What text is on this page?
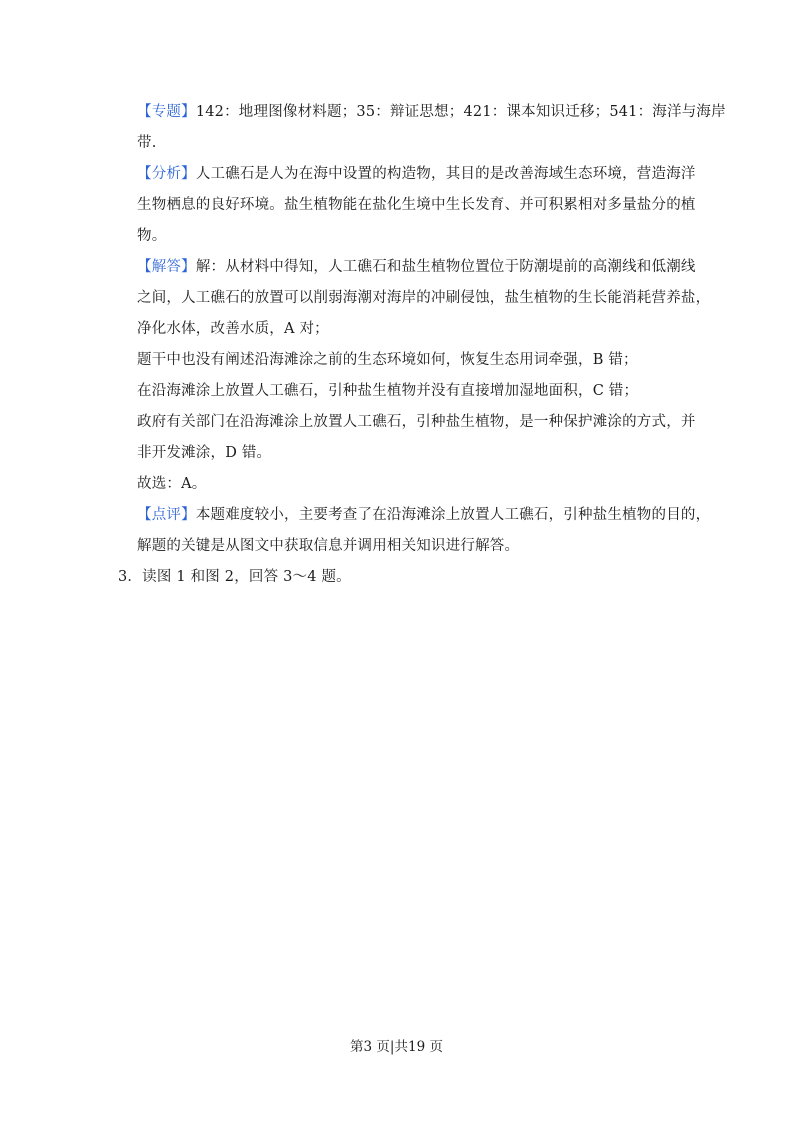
【专题】142：地理图像材料题；35：辩证思想；421：课本知识迁移；541：海洋与海岸
带.
【分析】人工礁石是人为在海中设置的构造物，其目的是改善海域生态环境，营造海洋
生物栖息的良好环境。盐生植物能在盐化生境中生长发育、并可积累相对多量盐分的植
物。
【解答】解：从材料中得知，人工礁石和盐生植物位置位于防潮堤前的高潮线和低潮线
之间，人工礁石的放置可以削弱海潮对海岸的冲刷侵蚀，盐生植物的生长能消耗营养盐，
净化水体，改善水质，A 对；
题干中也没有阐述沿海滩涂之前的生态环境如何，恢复生态用词牵强，B 错；
在沿海滩涂上放置人工礁石，引种盐生植物并没有直接增加湿地面积，C 错；
政府有关部门在沿海滩涂上放置人工礁石，引种盐生植物，是一种保护滩涂的方式，并
非开发滩涂，D 错。
故选：A。
【点评】本题难度较小，主要考查了在沿海滩涂上放置人工礁石，引种盐生植物的目的，
解题的关键是从图文中获取信息并调用相关知识进行解答。
3．读图 1 和图 2，回答 3～4 题。
第3 页|共19 页
